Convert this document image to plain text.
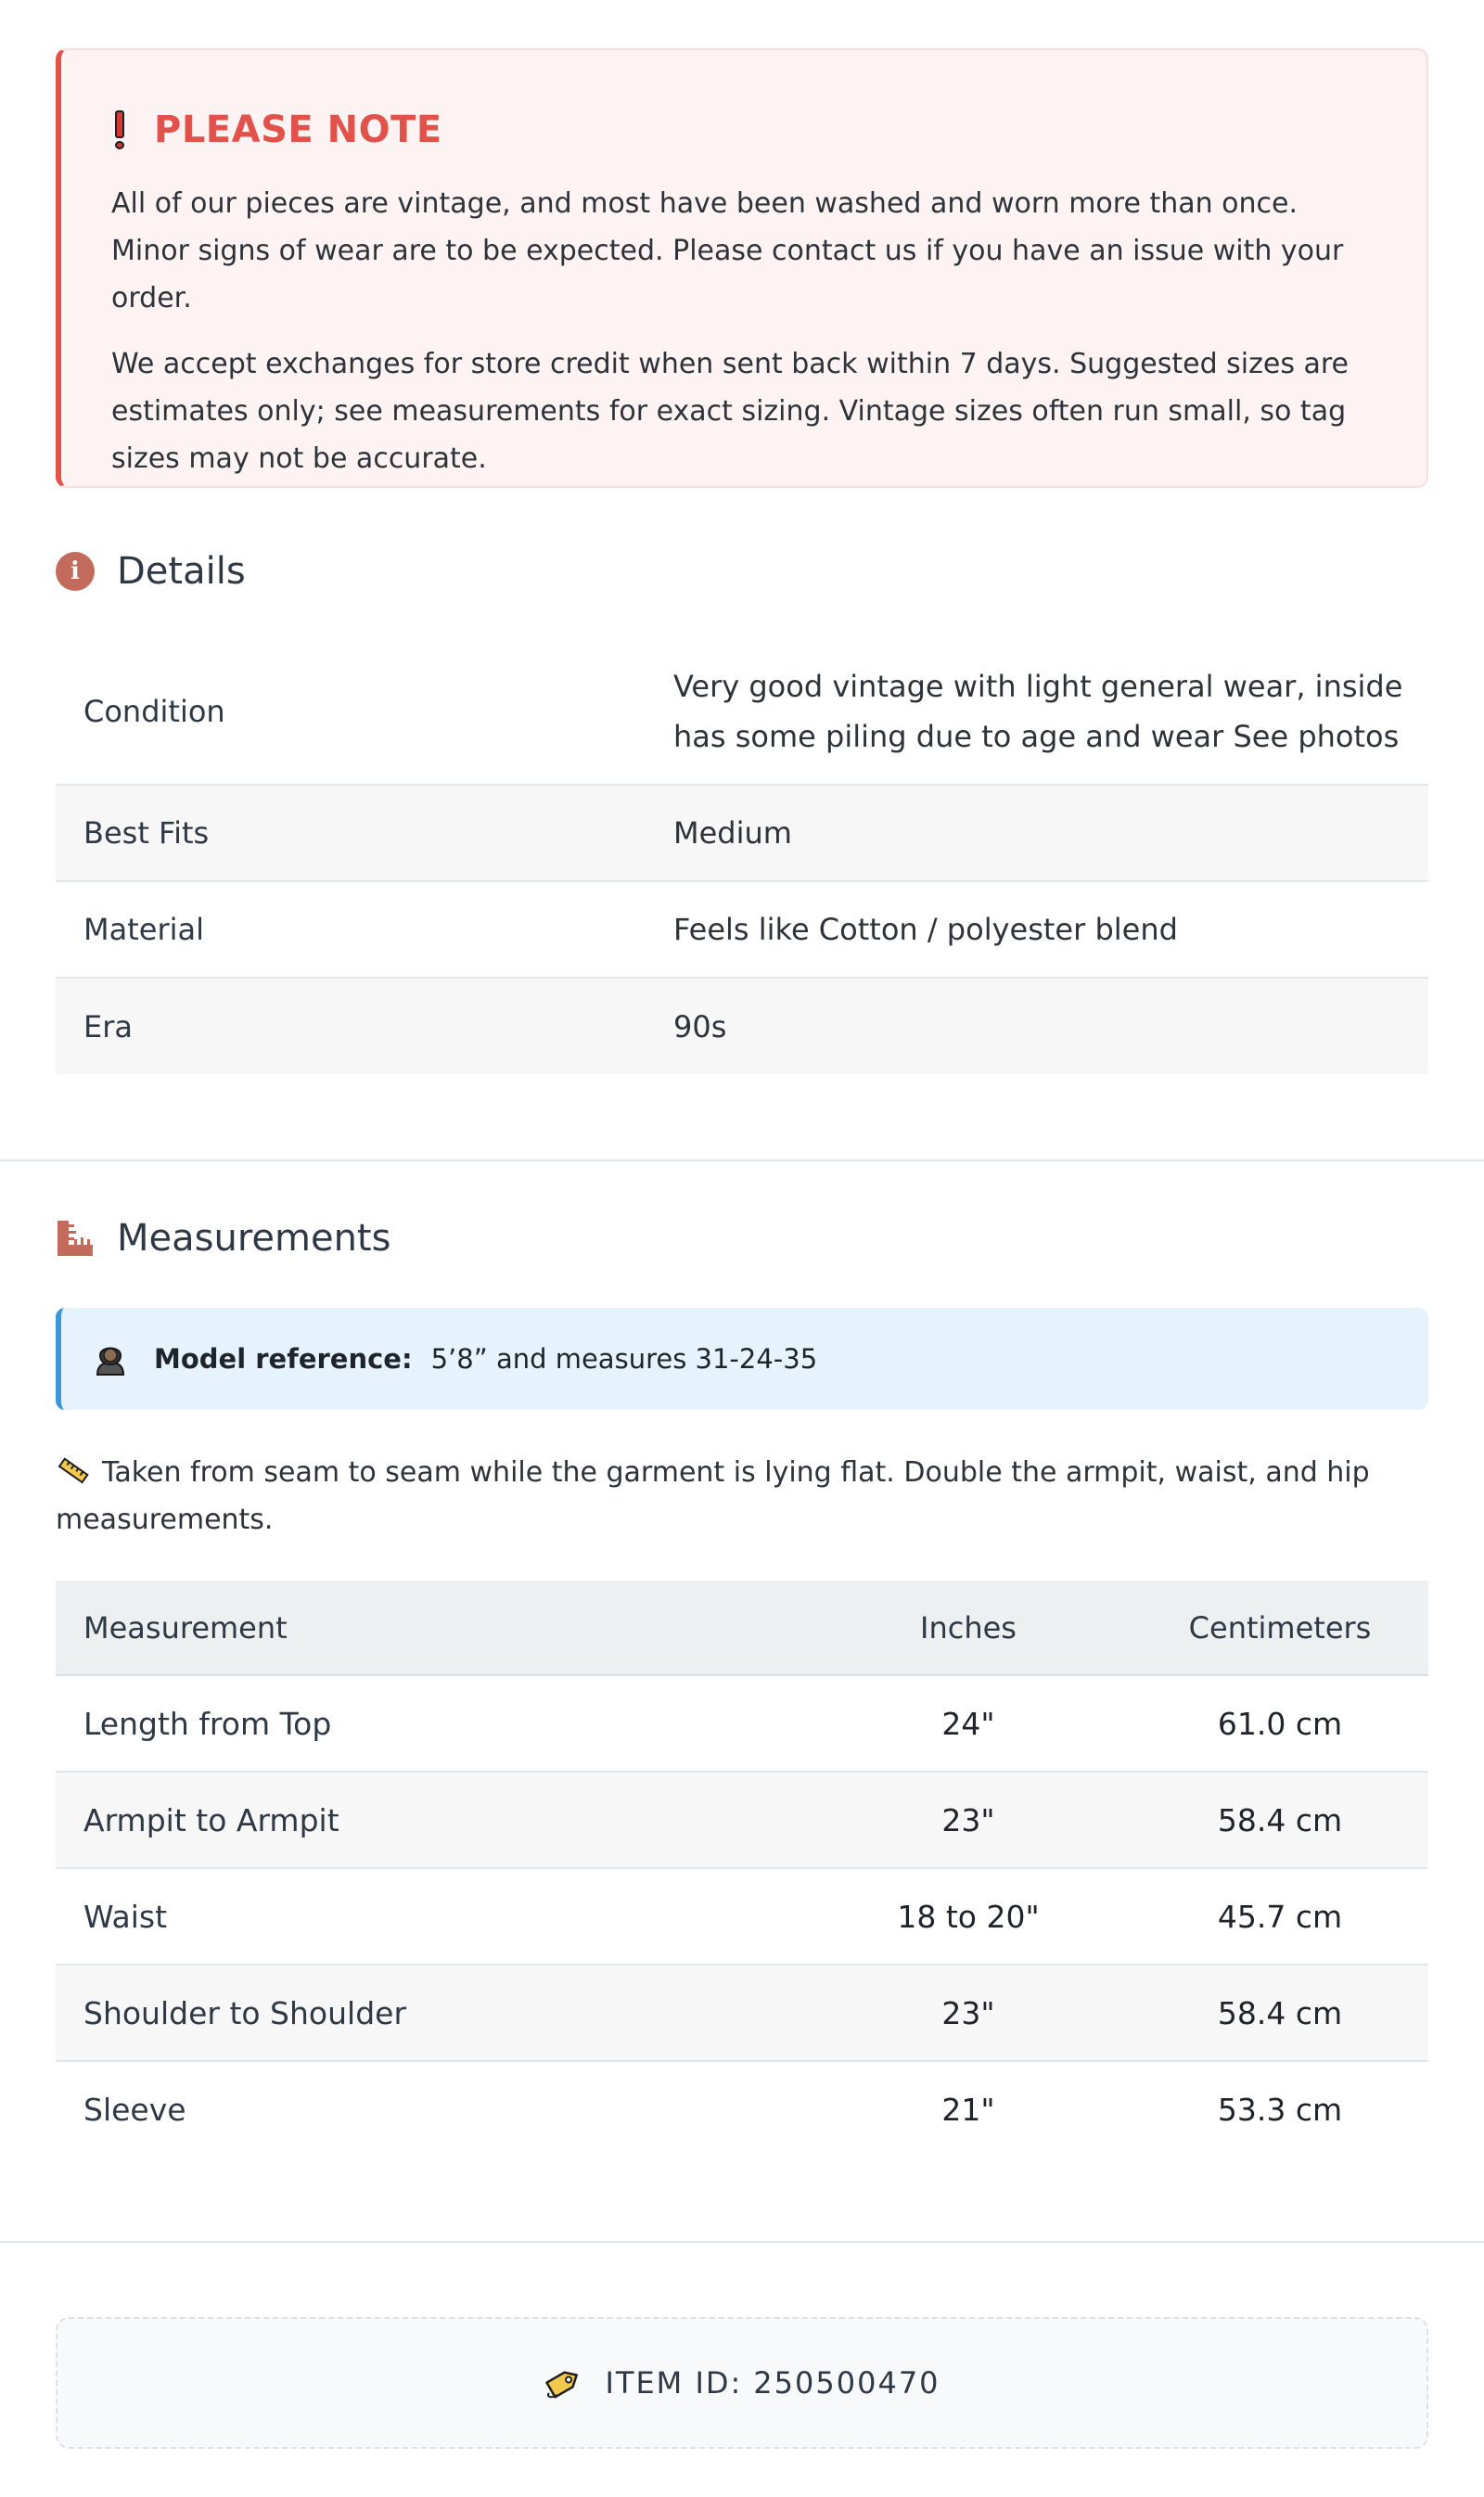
PLEASE NOTE

All of our pieces are vintage, and most have been washed and worn more than once. Minor signs of wear are to be expected. Please contact us if you have an issue with your order.

We accept exchanges for store credit when sent back within 7 days. Suggested sizes are estimates only; see measurements for exact sizing. Vintage sizes often run small, so tag sizes may not be accurate.

i	Details
Condition	Very good vintage with light general wear, inside has some piling due to age and wear See photos
Best Fits	Medium
Material	Feels like Cotton / polyester blend
Era	90s
Measurements
Model reference: 5’8” and measures 31-24-35
Taken from seam to seam while the garment is lying flat. Double the armpit, waist, and hip measurements.
Measurement	Inches	Centimeters
Length from Top	24"	61.0 cm
Armpit to Armpit	23"	58.4 cm
Waist	18 to 20"	45.7 cm
Shoulder to Shoulder	23"	58.4 cm
Sleeve	21"	53.3 cm
ITEM ID: 250500470
